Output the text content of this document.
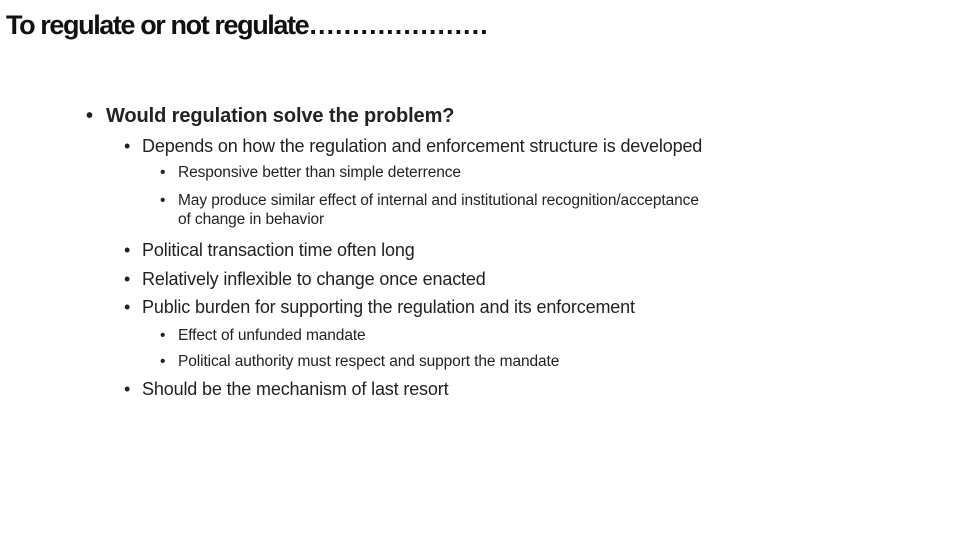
To regulate or not regulate…………………
• Would regulation solve the problem?
• Depends on how the regulation and enforcement structure is developed
• Responsive better than simple deterrence
• May produce similar effect of internal and institutional recognition/acceptance
of change in behavior
• Political transaction time often long
• Relatively inflexible to change once enacted
• Public burden for supporting the regulation and its enforcement
• Effect of unfunded mandate
• Political authority must respect and support the mandate
• Should be the mechanism of last resort
